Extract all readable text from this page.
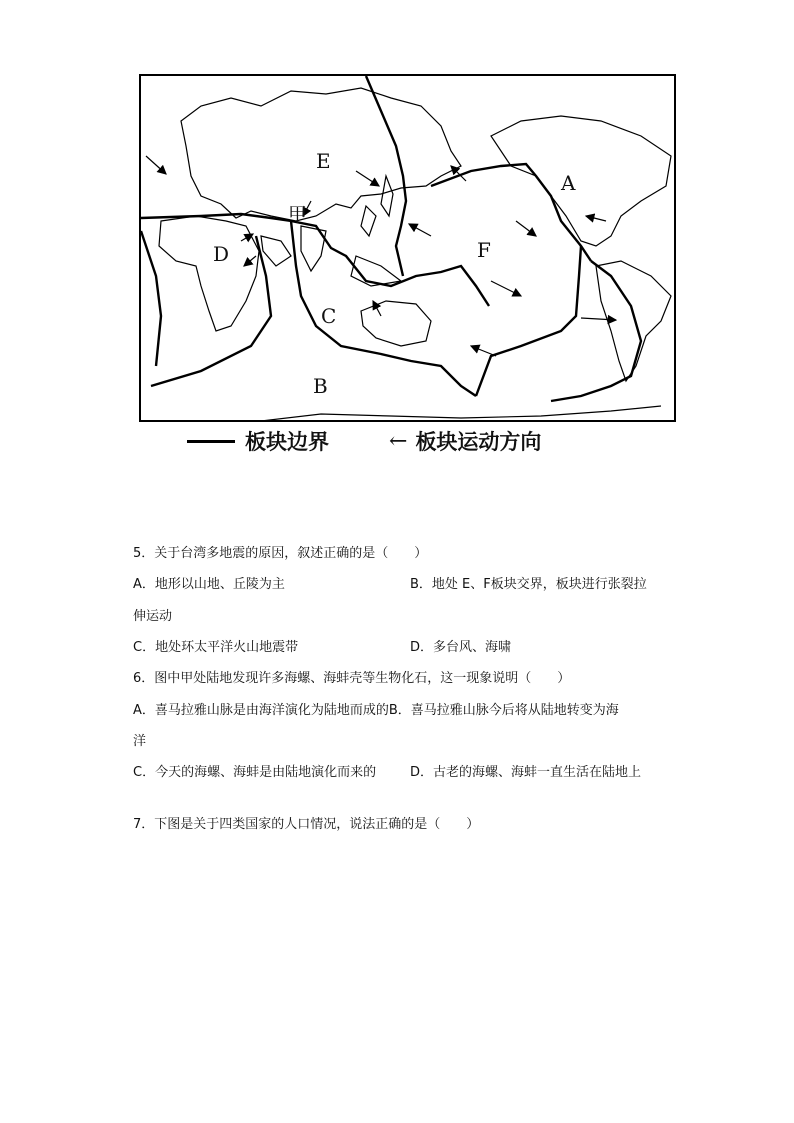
E
A
F
D
C
B
甲
板块边界	← 板块运动方向
5．关于台湾多地震的原因，叙述正确的是（　　）
A．地形以山地、丘陵为主	B．地处 E、F板块交界，板块进行张裂拉
伸运动
C．地处环太平洋火山地震带	D．多台风、海啸
6．图中甲处陆地发现许多海螺、海蚌壳等生物化石，这一现象说明（　　）
A．喜马拉雅山脉是由海洋演化为陆地而成的B．喜马拉雅山脉今后将从陆地转变为海
洋
C．今天的海螺、海蚌是由陆地演化而来的	D．古老的海螺、海蚌一直生活在陆地上
7．下图是关于四类国家的人口情况，说法正确的是（　　）
